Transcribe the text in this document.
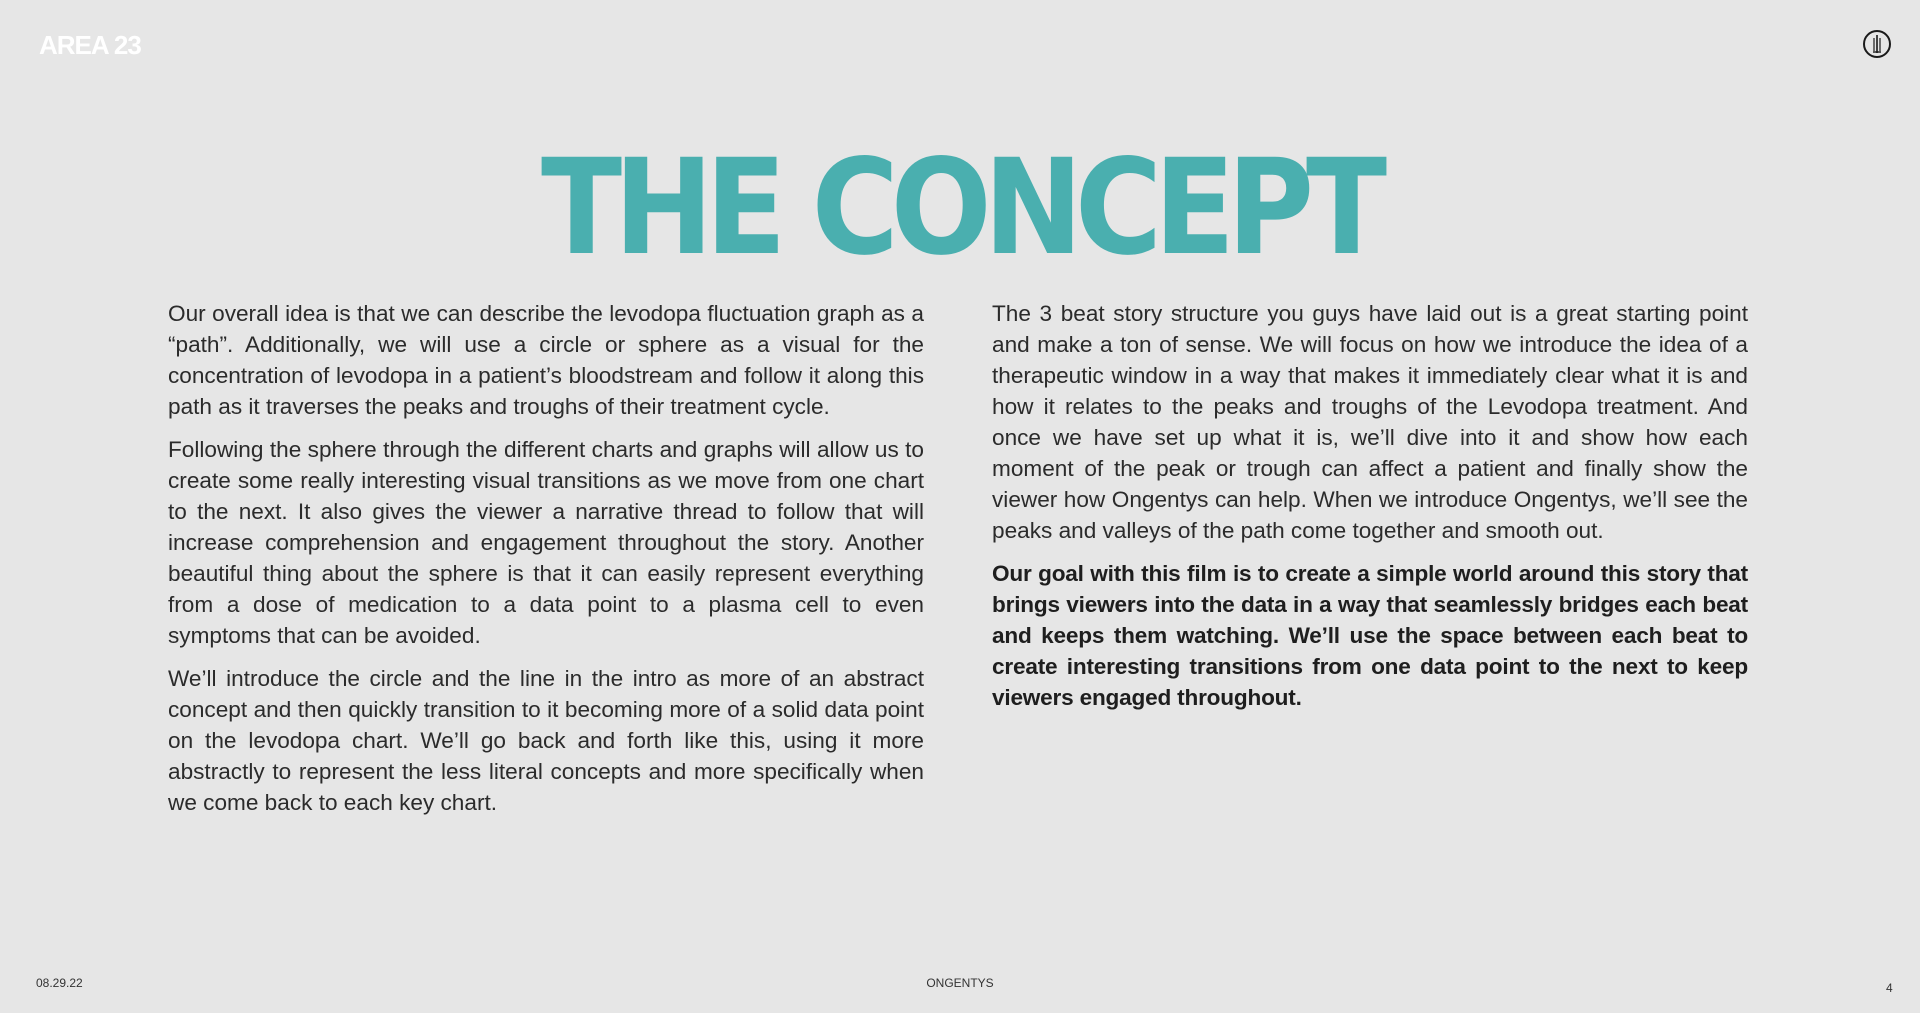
AREA 23
THE CONCEPT

Our overall idea is that we can describe the levodopa fluctuation graph as a “path”. Additionally, we will use a circle or sphere as a visual for the concentration of levodopa in a patient’s bloodstream and follow it along this path as it traverses the peaks and troughs of their treatment cycle.

Following the sphere through the different charts and graphs will allow us to create some really interesting visual transitions as we move from one chart to the next. It also gives the viewer a narrative thread to follow that will increase comprehension and engagement throughout the story. Another beautiful thing about the sphere is that it can easily represent everything from a dose of medication to a data point to a plasma cell to even symptoms that can be avoided.

We’ll introduce the circle and the line in the intro as more of an abstract concept and then quickly transition to it becoming more of a solid data point on the levodopa chart. We’ll go back and forth like this, using it more abstractly to represent the less literal concepts and more specifically when we come back to each key chart.

The 3 beat story structure you guys have laid out is a great starting point and make a ton of sense. We will focus on how we introduce the idea of a therapeutic window in a way that makes it immediately clear what it is and how it relates to the peaks and troughs of the Levodopa treatment. And once we have set up what it is, we’ll dive into it and show how each moment of the peak or trough can affect a patient and finally show the viewer how Ongentys can help. When we introduce Ongentys, we’ll see the peaks and valleys of the path come together and smooth out.

Our goal with this film is to create a simple world around this story that brings viewers into the data in a way that seamlessly bridges each beat and keeps them watching. We’ll use the space between each beat to create interesting transitions from one data point to the next to keep viewers engaged throughout.

08.29.22	ONGENTYS	4
